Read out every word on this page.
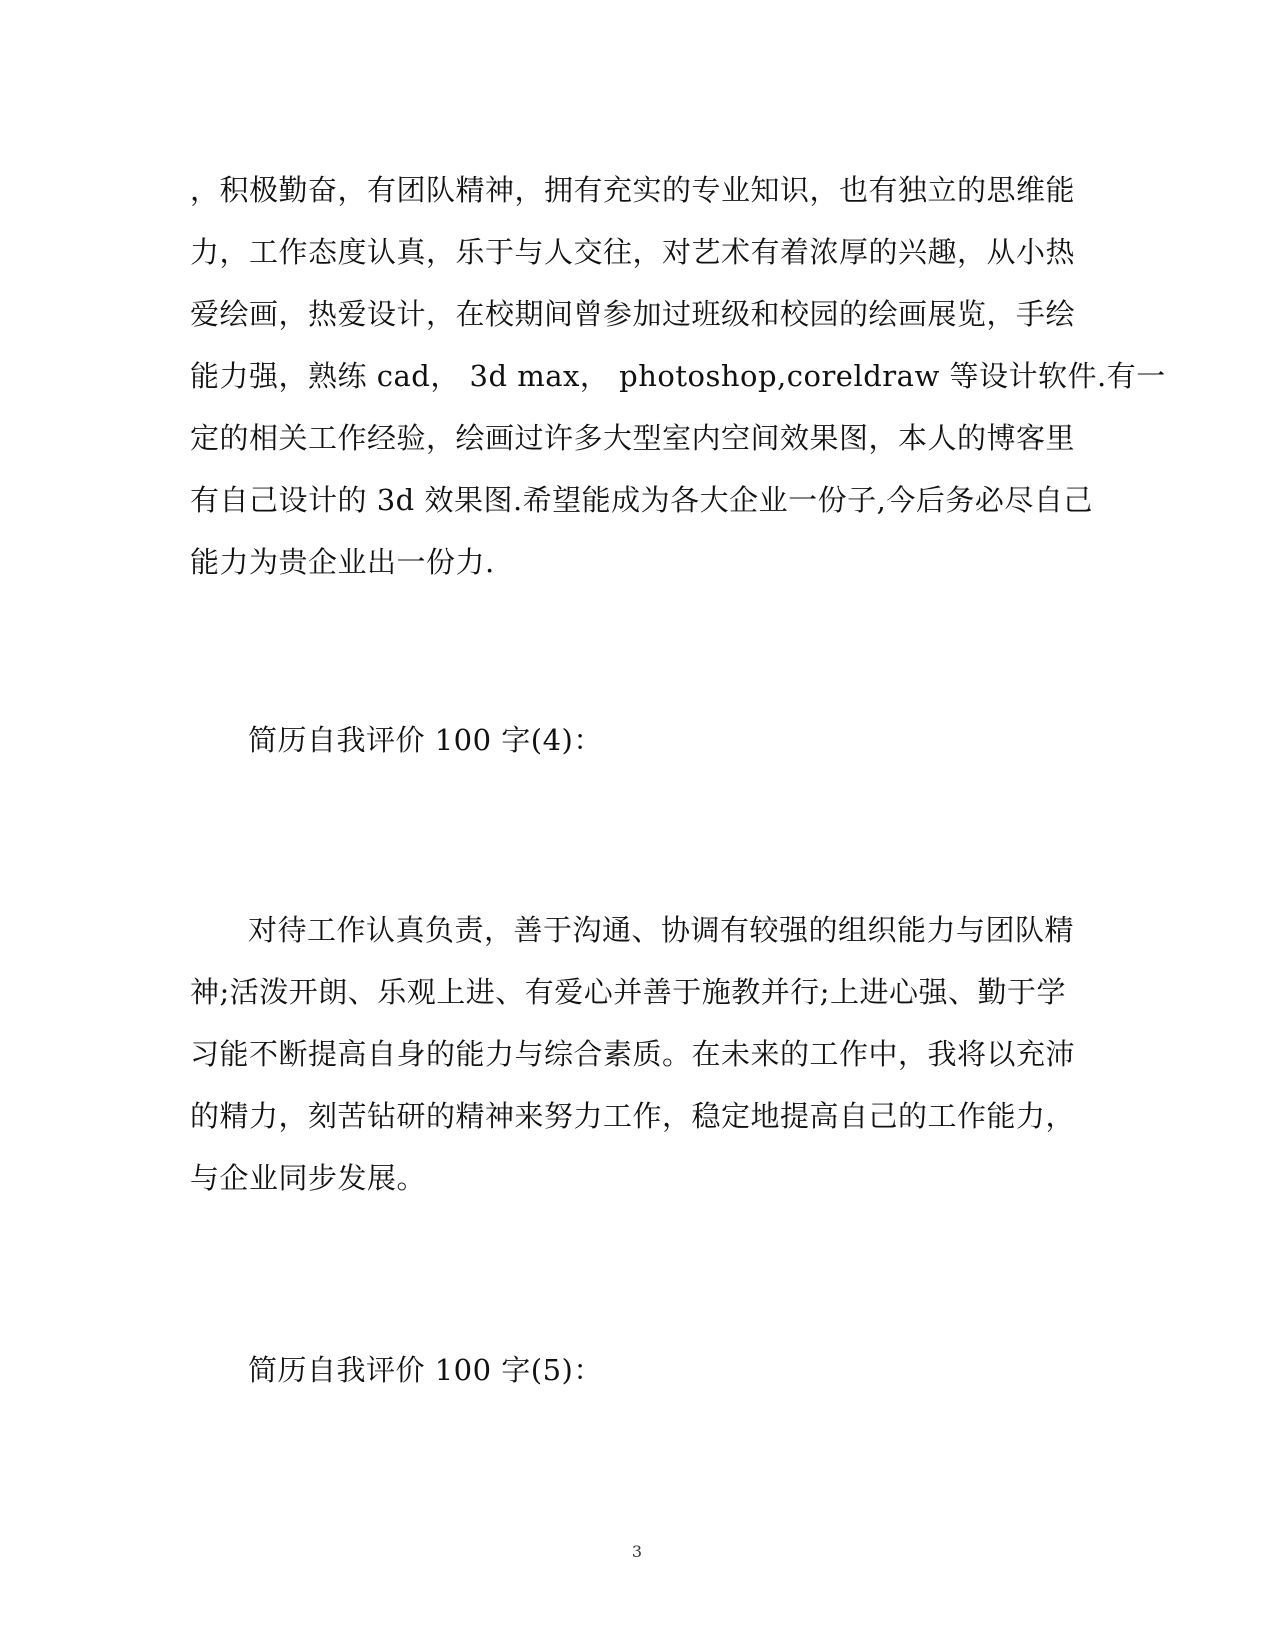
，积极勤奋，有团队精神，拥有充实的专业知识，也有独立的思维能
力，工作态度认真，乐于与人交往，对艺术有着浓厚的兴趣，从小热
爱绘画，热爱设计，在校期间曾参加过班级和校园的绘画展览，手绘
能力强，熟练 cad， 3d max， photoshop,coreldraw 等设计软件.有一
定的相关工作经验，绘画过许多大型室内空间效果图，本人的博客里
有自己设计的 3d 效果图.希望能成为各大企业一份子,今后务必尽自己
能力为贵企业出一份力.
简历自我评价 100 字(4)：
对待工作认真负责，善于沟通、协调有较强的组织能力与团队精
神;活泼开朗、乐观上进、有爱心并善于施教并行;上进心强、勤于学
习能不断提高自身的能力与综合素质。在未来的工作中，我将以充沛
的精力，刻苦钻研的精神来努力工作，稳定地提高自己的工作能力，
与企业同步发展。
简历自我评价 100 字(5)：
3
